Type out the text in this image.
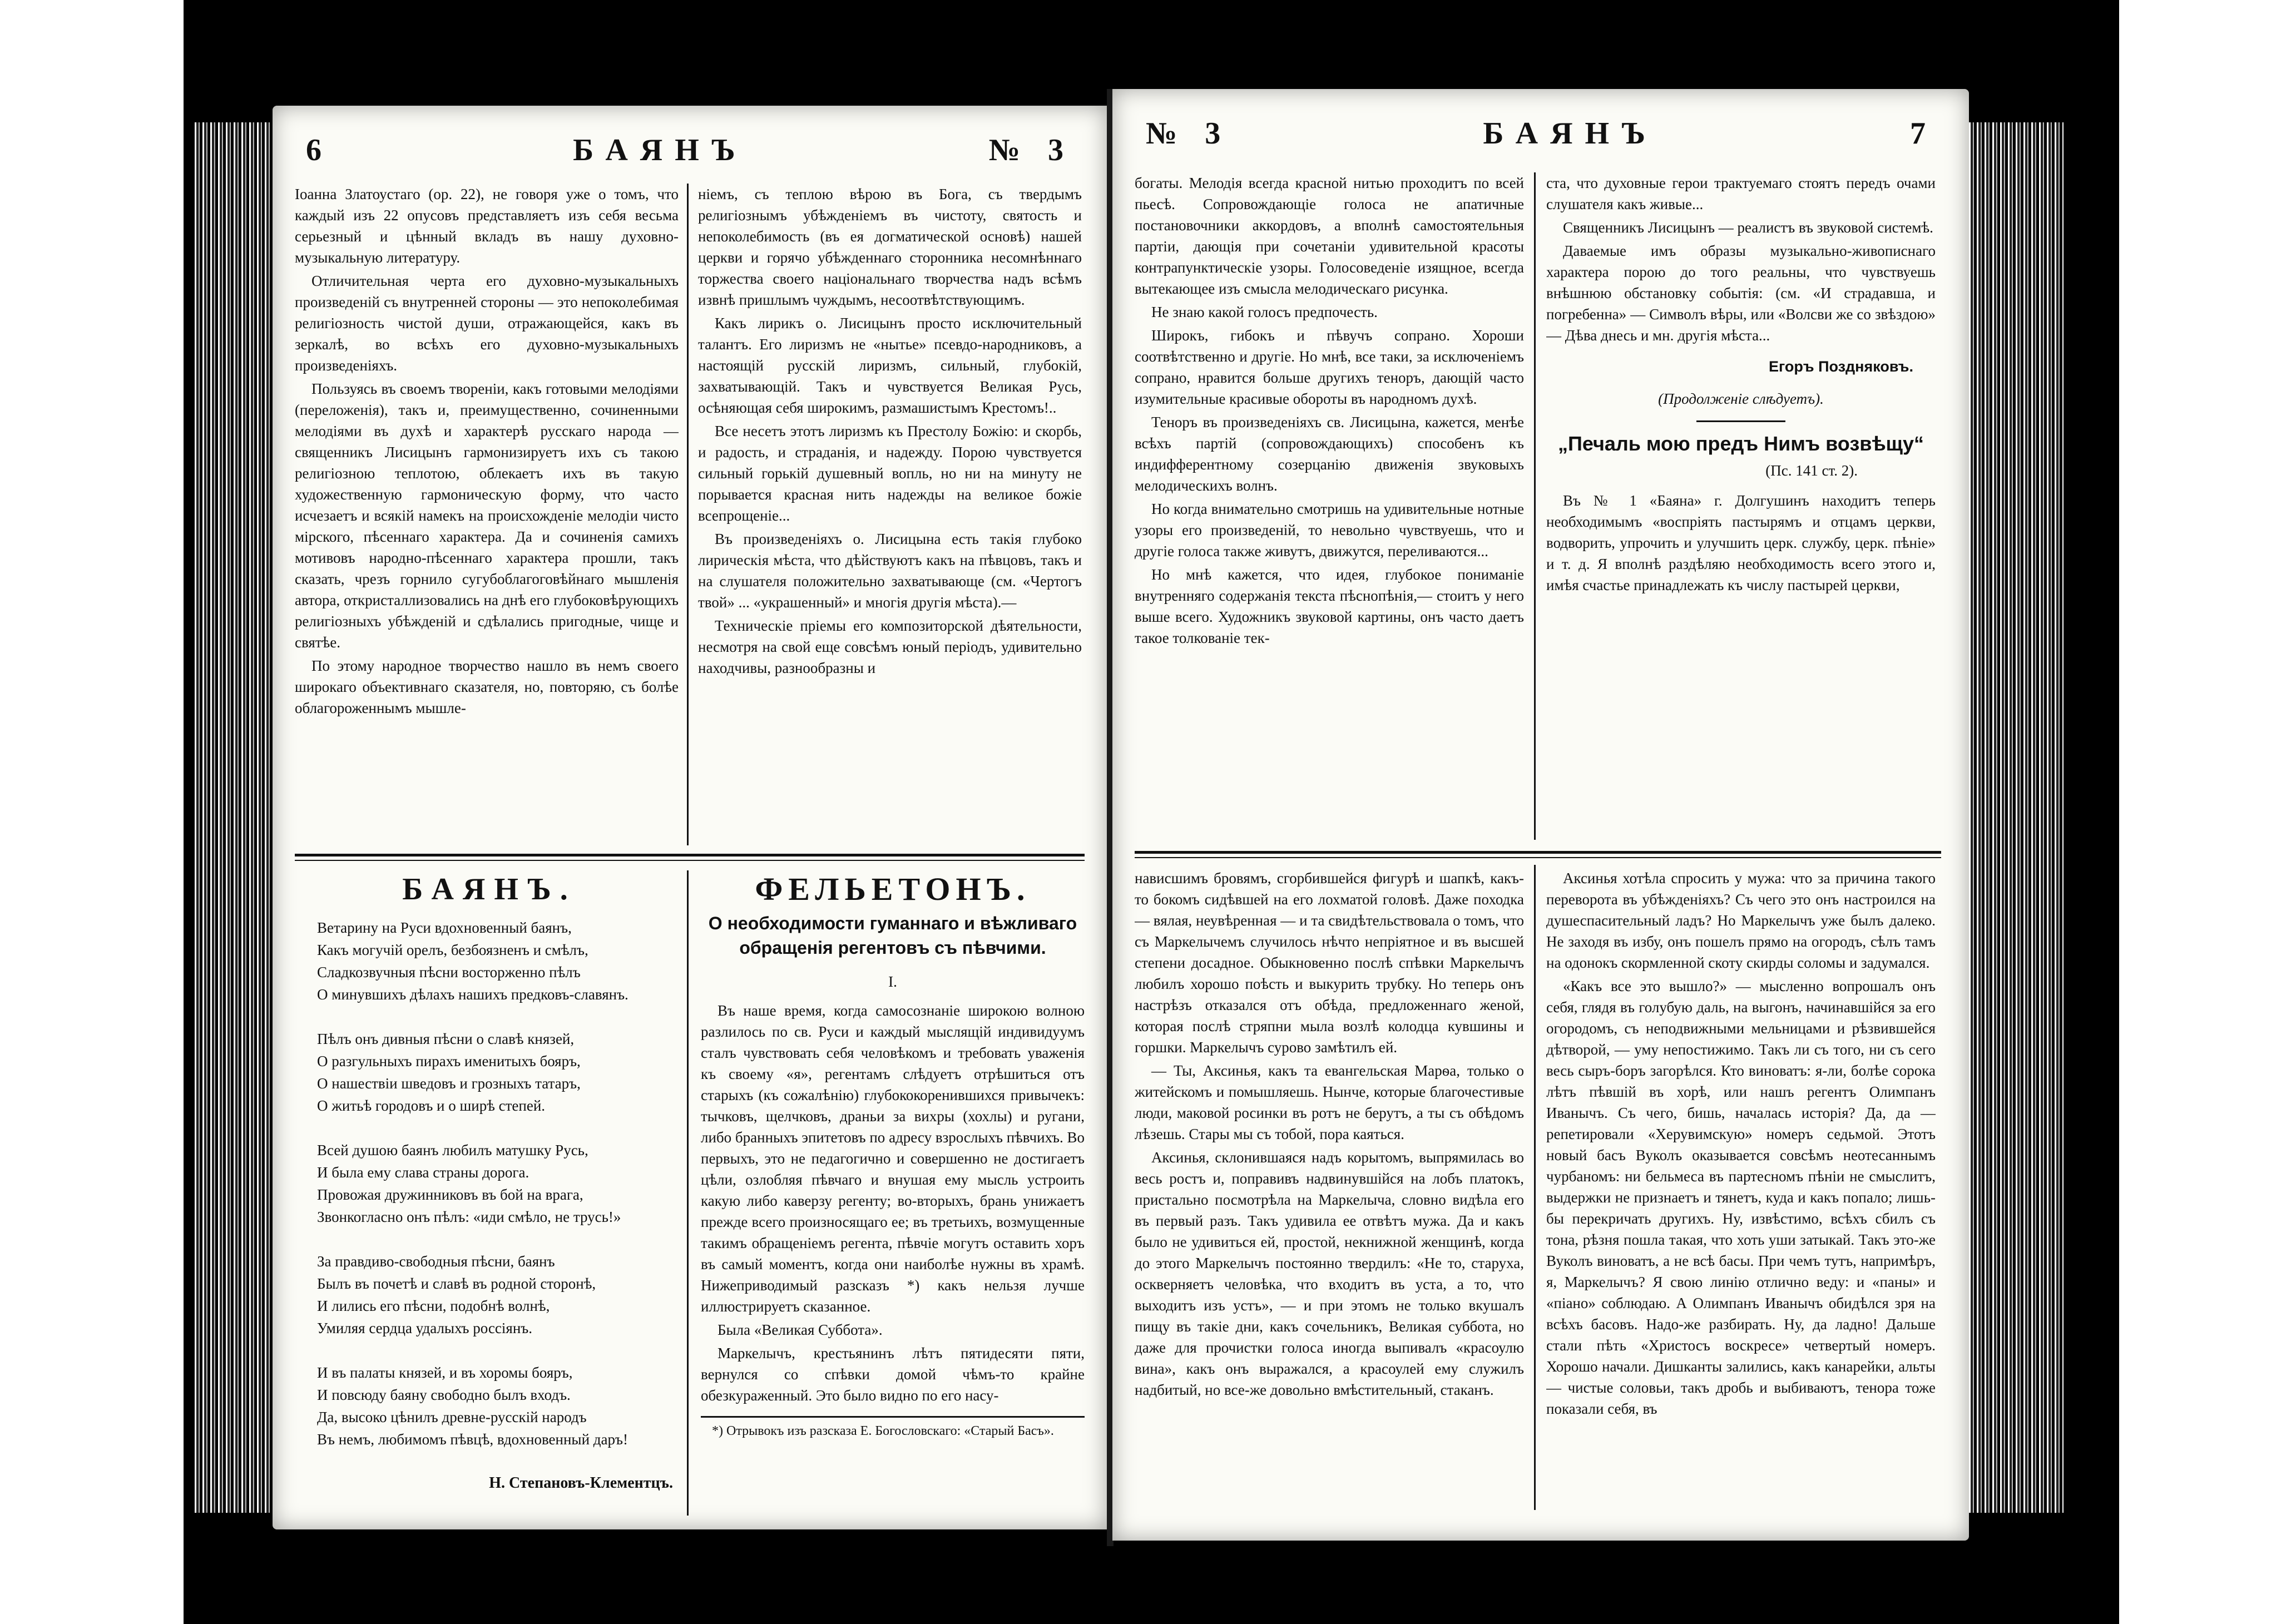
6	БАЯНЪ	№ 3

Іоанна Златоустаго (ор. 22), не говоря уже о томъ, что каждый изъ 22 опусовъ представляетъ изъ себя весьма серьезный и цѣнный вкладъ въ нашу духовно-музыкальную литературу.

Отличительная черта его духовно-музыкальныхъ произведеній съ внутренней стороны — это непоколебимая религіозность чистой души, отражающейся, какъ въ зеркалѣ, во всѣхъ его духовно-музыкальныхъ произведеніяхъ.

Пользуясь въ своемъ твореніи, какъ готовыми мелодіями (переложенія), такъ и, преимущественно, сочиненными мелодіями въ духѣ и характерѣ русскаго народа — священникъ Лисицынъ гармонизируетъ ихъ съ такою религіозною теплотою, облекаетъ ихъ въ такую художественную гармоническую форму, что часто исчезаетъ и всякій намекъ на происхожденіе мелодіи чисто мірского, пѣсеннаго характера. Да и сочиненія самихъ мотивовъ народно-пѣсеннаго характера прошли, такъ сказать, чрезъ горнило сугубоблагоговѣйнаго мышленія автора, откристаллизовались на днѣ его глубоковѣрующихъ религіозныхъ убѣжденій и сдѣлались пригодные, чище и святѣе.

По этому народное творчество нашло въ немъ своего широкаго объективнаго сказателя, но, повторяю, съ болѣе облагороженнымъ мышле-

ніемъ, съ теплою вѣрою въ Бога, съ твердымъ религіознымъ убѣжденіемъ въ чистоту, святость и непоколебимость (въ ея догматической основѣ) нашей церкви и горячо убѣжденнаго сторонника несомнѣннаго торжества своего національнаго творчества надъ всѣмъ извнѣ пришлымъ чуждымъ, несоотвѣтствующимъ.

Какъ лирикъ о. Лисицынъ просто исключительный талантъ. Его лиризмъ не «нытье» псевдо-народниковъ, а настоящій русскій лиризмъ, сильный, глубокій, захватывающій. Такъ и чувствуется Великая Русь, осѣняющая себя широкимъ, размашистымъ Крестомъ!..

Все несетъ этотъ лиризмъ къ Престолу Божію: и скорбь, и радость, и страданія, и надежду. Порою чувствуется сильный горькій душевный вопль, но ни на минуту не порывается красная нить надежды на великое божіе всепрощеніе...

Въ произведеніяхъ о. Лисицына есть такія глубоко лирическія мѣста, что дѣйствуютъ какъ на пѣвцовъ, такъ и на слушателя положительно захватывающе (см. «Чертогъ твой» ... «украшенный» и многія другія мѣста).—

Техническіе пріемы его композиторской дѣятельности, несмотря на свой еще совсѣмъ юный періодъ, удивительно находчивы, разнообразны и

БАЯНЪ.
Ветарину на Руси вдохновенный баянъ,
Какъ могучій орелъ, безбоязненъ и смѣлъ,
Сладкозвучныя пѣсни восторженно пѣлъ
О минувшихъ дѣлахъ нашихъ предковъ-славянъ.
Пѣлъ онъ дивныя пѣсни о славѣ князей,
О разгульныхъ пирахъ именитыхъ бояръ,
О нашествіи шведовъ и грозныхъ татаръ,
О житьѣ городовъ и о ширѣ степей.
Всей душою баянъ любилъ матушку Русь,
И была ему слава страны дорога.
Провожая дружинниковъ въ бой на врага,
Звонкогласно онъ пѣлъ: «иди смѣло, не трусь!»
За правдиво-свободныя пѣсни, баянъ
Былъ въ почетѣ и славѣ въ родной сторонѣ,
И лились его пѣсни, подобнѣ волнѣ,
Умиляя сердца удалыхъ россіянъ.
И въ палаты князей, и въ хоромы бояръ,
И повсюду баяну свободно былъ входъ.
Да, высоко цѣнилъ древне-русскій народъ
Въ немъ, любимомъ пѣвцѣ, вдохновенный даръ!
Н. Степановъ-Клементцъ.
ФЕЛЬЕТОНЪ.
О необходимости гуманнаго и вѣжливаго обращенія регентовъ съ пѣвчими.
I.

Въ наше время, когда самосознаніе широкою волною разлилось по св. Руси и каждый мыслящій индивидуумъ сталъ чувствовать себя человѣкомъ и требовать уваженія къ своему «я», регентамъ слѣдуетъ отрѣшиться отъ старыхъ (къ сожалѣнію) глубококоренившихся привычекъ: тычковъ, щелчковъ, драньи за вихры (хохлы) и ругани, либо бранныхъ эпитетовъ по адресу взрослыхъ пѣвчихъ. Во первыхъ, это не педагогично и совершенно не достигаетъ цѣли, озлобляя пѣвчаго и внушая ему мысль устроить какую либо каверзу регенту; во-вторыхъ, брань унижаетъ прежде всего произносящаго ее; въ третьихъ, возмущенные такимъ обращеніемъ регента, пѣвчіе могутъ оставить хоръ въ самый моментъ, когда они наиболѣе нужны въ храмѣ. Нижеприводимый разсказъ *) какъ нельзя лучше иллюстрируетъ сказанное.

Была «Великая Суббота».

Маркелычъ, крестьянинъ лѣтъ пятидесяти пяти, вернулся со спѣвки домой чѣмъ-то крайне обезкураженный. Это было видно по его насу-

*) Отрывокъ изъ разсказа Е. Богословскаго: «Старый Басъ».
№ 3	БАЯНЪ	7

богаты. Мелодія всегда красной нитью проходитъ по всей пьесѣ. Сопровождающіе голоса не апатичные постановочники аккордовъ, а вполнѣ самостоятельныя партіи, дающія при сочетаніи удивительной красоты контрапунктическіе узоры. Голосоведеніе изящное, всегда вытекающее изъ смысла мелодическаго рисунка.

Не знаю какой голосъ предпочесть.

Широкъ, гибокъ и пѣвучъ сопрано. Хороши соотвѣтственно и другіе. Но мнѣ, все таки, за исключеніемъ сопрано, нравится больше другихъ теноръ, дающій часто изумительные красивые обороты въ народномъ духѣ.

Теноръ въ произведеніяхъ св. Лисицына, кажется, менѣе всѣхъ партій (сопровождающихъ) способенъ къ индифферентному созерцанію движенія звуковыхъ мелодическихъ волнъ.

Но когда внимательно смотришь на удивительные нотные узоры его произведеній, то невольно чувствуешь, что и другіе голоса также живутъ, движутся, переливаются...

Но мнѣ кажется, что идея, глубокое пониманіе внутренняго содержанія текста пѣснопѣнія,— стоитъ у него выше всего. Художникъ звуковой картины, онъ часто даетъ такое толкованіе тек-

ста, что духовные герои трактуемаго стоятъ передъ очами слушателя какъ живые...

Священникъ Лисицынъ — реалистъ въ звуковой системѣ.

Даваемые имъ образы музыкально-живописнаго характера порою до того реальны, что чувствуешь внѣшнюю обстановку событія: (см. «И страдавша, и погребенна» — Символъ вѣры, или «Волсви же со звѣздою» — Дѣва днесь и мн. другія мѣста...

Егоръ Поздняковъ.
(Продолженіе слѣдуетъ).
„Печаль мою предъ Нимъ возвѣщу“
(Пс. 141 ст. 2).

Въ № 1 «Баяна» г. Долгушинъ находитъ теперь необходимымъ «воспріять пастырямъ и отцамъ церкви, водворить, упрочить и улучшить церк. службу, церк. пѣніе» и т. д. Я вполнѣ раздѣляю необходимость всего этого и, имѣя счастье принадлежать къ числу пастырей церкви,

нависшимъ бровямъ, сгорбившейся фигурѣ и шапкѣ, какъ-то бокомъ сидѣвшей на его лохматой головѣ. Даже походка — вялая, неувѣренная — и та свидѣтельствовала о томъ, что съ Маркелычемъ случилось нѣчто непріятное и въ высшей степени досадное. Обыкновенно послѣ спѣвки Маркелычъ любилъ хорошо поѣсть и выкурить трубку. Но теперь онъ настрѣзъ отказался отъ обѣда, предложеннаго женой, которая послѣ стряпни мыла возлѣ колодца кувшины и горшки. Маркелычъ сурово замѣтилъ ей.

— Ты, Аксинья, какъ та евангельская Марѳа, только о житейскомъ и помышляешь. Нынче, которые благочестивые люди, маковой росинки въ ротъ не берутъ, а ты съ обѣдомъ лѣзешь. Стары мы съ тобой, пора каяться.

Аксинья, склонившаяся надъ корытомъ, выпрямилась во весь ростъ и, поправивъ надвинувшійся на лобъ платокъ, пристально посмотрѣла на Маркелыча, словно видѣла его въ первый разъ. Такъ удивила ее отвѣтъ мужа. Да и какъ было не удивиться ей, простой, некнижной женщинѣ, когда до этого Маркелычъ постоянно твердилъ: «Не то, старуха, оскверняетъ человѣка, что входитъ въ уста, а то, что выходитъ изъ устъ», — и при этомъ не только вкушалъ пищу въ такіе дни, какъ сочельникъ, Великая суббота, но даже для прочистки голоса иногда выпивалъ «красоулю вина», какъ онъ выражался, а красоулей ему служилъ надбитый, но все-же довольно вмѣстительный, стаканъ.

Аксинья хотѣла спросить у мужа: что за причина такого переворота въ убѣжденіяхъ? Съ чего это онъ настроился на душеспасительный ладъ? Но Маркелычъ уже былъ далеко. Не заходя въ избу, онъ пошелъ прямо на огородъ, сѣлъ тамъ на одонокъ скормленной скоту скирды соломы и задумался.

«Какъ все это вышло?» — мысленно вопрошалъ онъ себя, глядя въ голубую даль, на выгонъ, начинавшійся за его огородомъ, съ неподвижными мельницами и рѣзвившейся дѣтворой, — уму непостижимо. Такъ ли съ того, ни съ сего весь сыръ-боръ загорѣлся. Кто виноватъ: я-ли, болѣе сорока лѣтъ пѣвшій въ хорѣ, или нашъ регентъ Олимпанъ Иванычъ. Съ чего, бишь, началась исторія? Да, да — репетировали «Херувимскую» номеръ седьмой. Этотъ новый басъ Вуколъ оказывается совсѣмъ неотесаннымъ чурбаномъ: ни бельмеса въ партесномъ пѣніи не смыслитъ, выдержки не признаетъ и тянетъ, куда и какъ попало; лишь-бы перекричать другихъ. Ну, извѣстимо, всѣхъ сбилъ съ тона, рѣзня пошла такая, что хоть уши затыкай. Такъ это-же Вуколъ виноватъ, а не всѣ басы. При чемъ тутъ, напримѣръ, я, Маркелычъ? Я свою линію отлично веду: и «паны» и «піано» соблюдаю. А Олимпанъ Иванычъ обидѣлся зря на всѣхъ басовъ. Надо-же разбирать. Ну, да ладно! Дальше стали пѣть «Христосъ воскресе» четвертый номеръ. Хорошо начали. Дишканты залились, какъ канарейки, альты — чистые соловьи, такъ дробь и выбиваютъ, тенора тоже показали себя, въ
